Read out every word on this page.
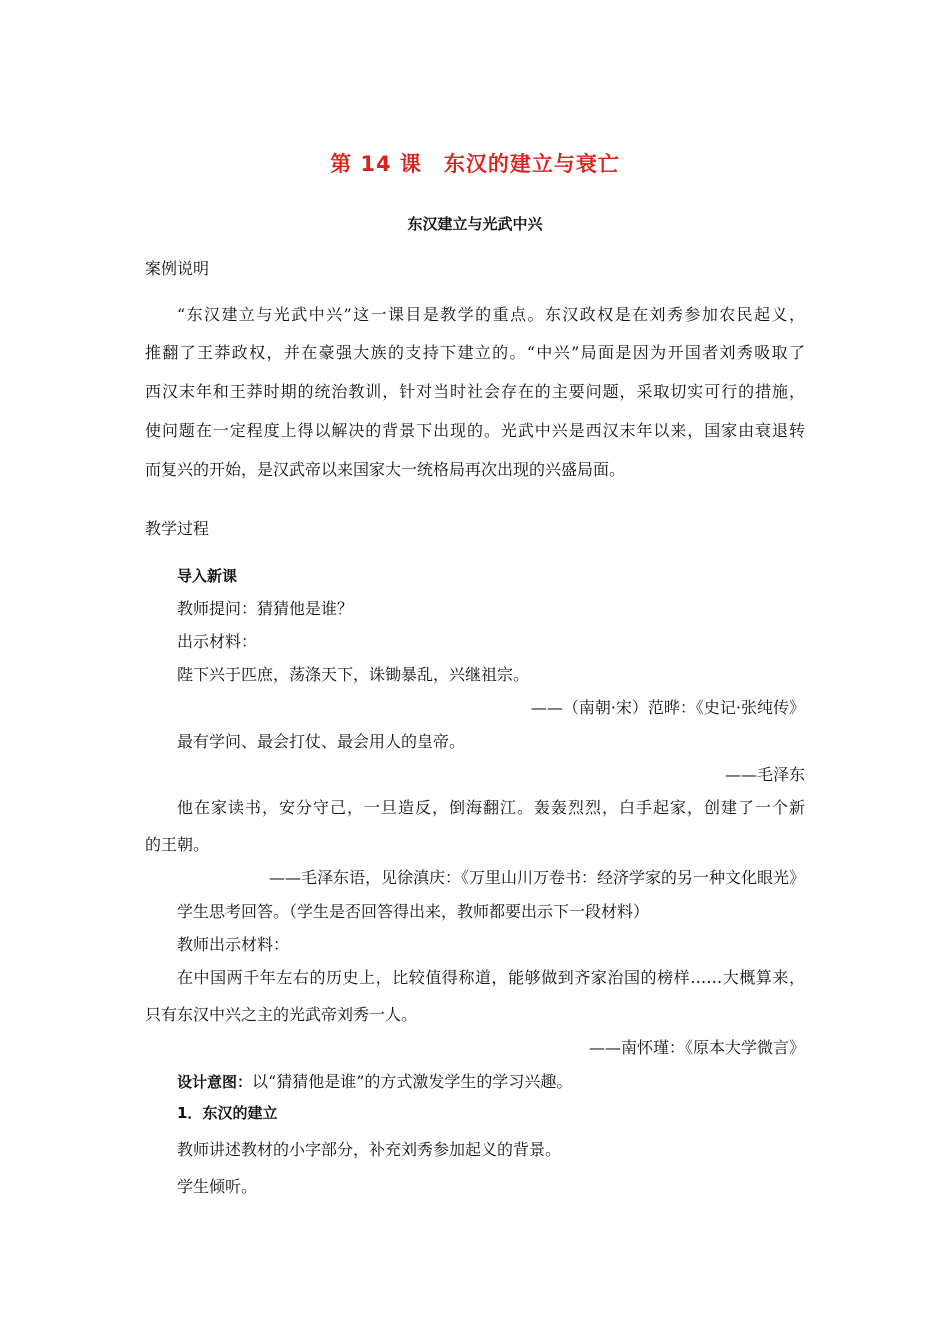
第 14 课　东汉的建立与衰亡
东汉建立与光武中兴
案例说明
“东汉建立与光武中兴”这一课目是教学的重点。东汉政权是在刘秀参加农民起义，
推翻了王莽政权，并在豪强大族的支持下建立的。“中兴”局面是因为开国者刘秀吸取了
西汉末年和王莽时期的统治教训，针对当时社会存在的主要问题，采取切实可行的措施，
使问题在一定程度上得以解决的背景下出现的。光武中兴是西汉末年以来，国家由衰退转
而复兴的开始，是汉武帝以来国家大一统格局再次出现的兴盛局面。
教学过程
导入新课
教师提问：猜猜他是谁？
出示材料：
陛下兴于匹庶，荡涤天下，诛锄暴乱，兴继祖宗。
——（南朝·宋）范晔：《史记·张纯传》
最有学问、最会打仗、最会用人的皇帝。
——毛泽东
他在家读书，安分守己，一旦造反，倒海翻江。轰轰烈烈，白手起家，创建了一个新
的王朝。
——毛泽东语，见徐滇庆：《万里山川万卷书：经济学家的另一种文化眼光》
学生思考回答。（学生是否回答得出来，教师都要出示下一段材料）
教师出示材料：
在中国两千年左右的历史上，比较值得称道，能够做到齐家治国的榜样……大概算来，
只有东汉中兴之主的光武帝刘秀一人。
——南怀瑾：《原本大学微言》
设计意图：以“猜猜他是谁”的方式激发学生的学习兴趣。
1．东汉的建立
教师讲述教材的小字部分，补充刘秀参加起义的背景。
学生倾听。
